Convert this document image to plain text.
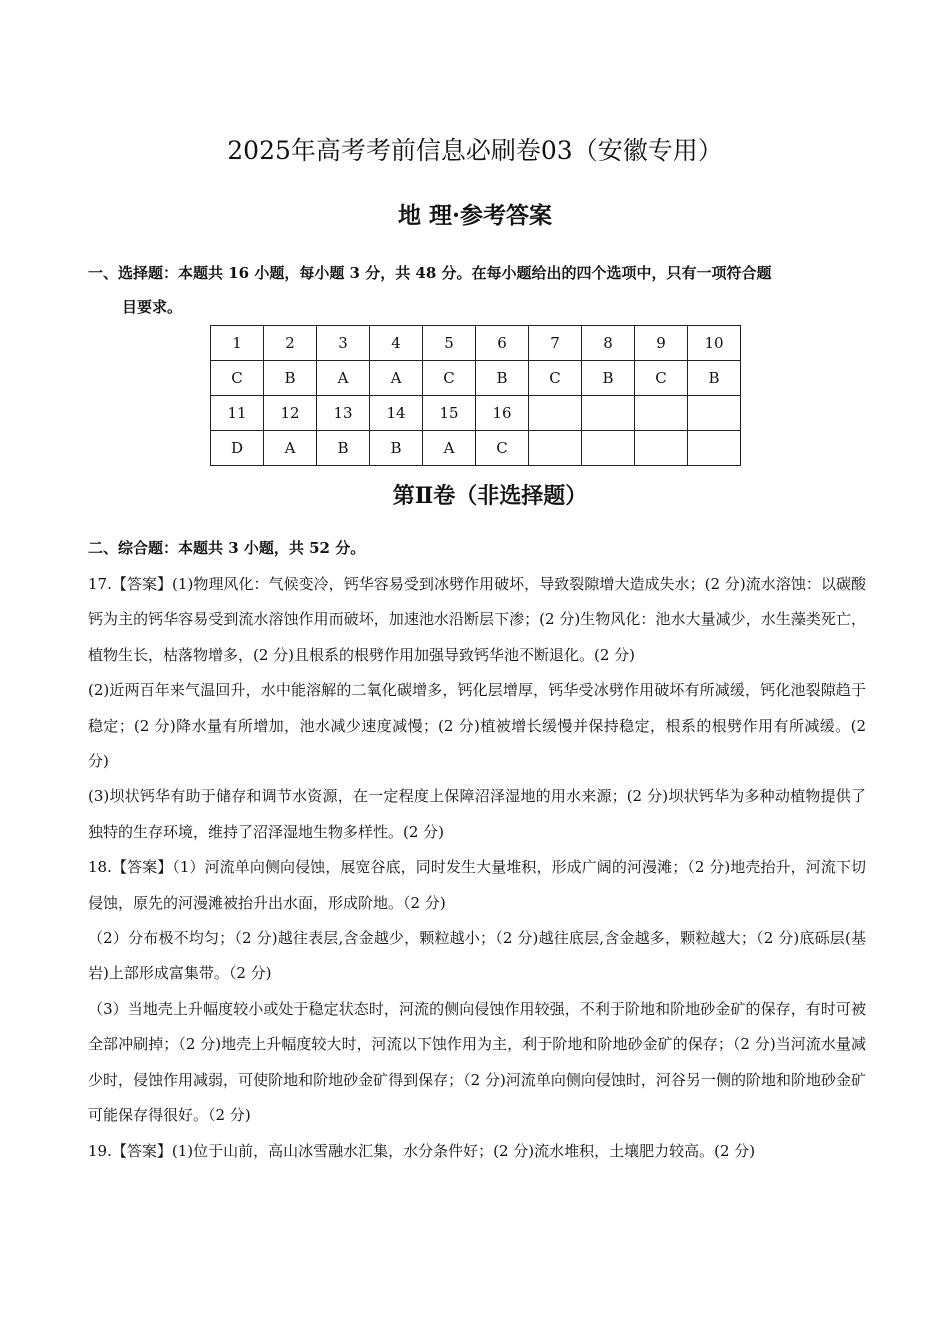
2025年高考考前信息必刷卷03（安徽专用）
地 理·参考答案
一、选择题：本题共 16 小题，每小题 3 分，共 48 分。在每小题给出的四个选项中，只有一项符合题
目要求。
1	2	3	4	5	6	7	8	9	10
C	B	A	A	C	B	C	B	C	B
11	12	13	14	15	16				
D	A	B	B	A	C				
第Ⅱ卷（非选择题）
二、综合题：本题共 3 小题，共 52 分。

17.【答案】(1)物理风化：气候变冷，钙华容易受到冰劈作用破坏，导致裂隙增大造成失水；(2 分)流水溶蚀：以碳酸钙为主的钙华容易受到流水溶蚀作用而破坏，加速池水沿断层下渗；(2 分)生物风化：池水大量减少，水生藻类死亡，植物生长，枯落物增多，(2 分)且根系的根劈作用加强导致钙华池不断退化。(2 分)

(2)近两百年来气温回升，水中能溶解的二氧化碳增多，钙化层增厚，钙华受冰劈作用破坏有所减缓，钙化池裂隙趋于稳定；(2 分)降水量有所增加，池水减少速度减慢；(2 分)植被增长缓慢并保持稳定，根系的根劈作用有所减缓。(2 分)

(3)坝状钙华有助于储存和调节水资源，在一定程度上保障沼泽湿地的用水来源；(2 分)坝状钙华为多种动植物提供了独特的生存环境，维持了沼泽湿地生物多样性。(2 分)

18.【答案】（1）河流单向侧向侵蚀，展宽谷底，同时发生大量堆积，形成广阔的河漫滩；（2 分)地壳抬升，河流下切侵蚀，原先的河漫滩被抬升出水面，形成阶地。（2 分)

（2）分布极不均匀；（2 分)越往表层,含金越少，颗粒越小；（2 分)越往底层,含金越多，颗粒越大；（2 分)底砾层(基岩)上部形成富集带。（2 分)

（3）当地壳上升幅度较小或处于稳定状态时，河流的侧向侵蚀作用较强，不利于阶地和阶地砂金矿的保存，有时可被全部冲刷掉；（2 分)地壳上升幅度较大时，河流以下蚀作用为主，利于阶地和阶地砂金矿的保存；（2 分)当河流水量减少时，侵蚀作用减弱，可使阶地和阶地砂金矿得到保存；（2 分)河流单向侧向侵蚀时，河谷另一侧的阶地和阶地砂金矿可能保存得很好。（2 分)

19.【答案】(1)位于山前，高山冰雪融水汇集，水分条件好；(2 分)流水堆积，土壤肥力较高。(2 分)
